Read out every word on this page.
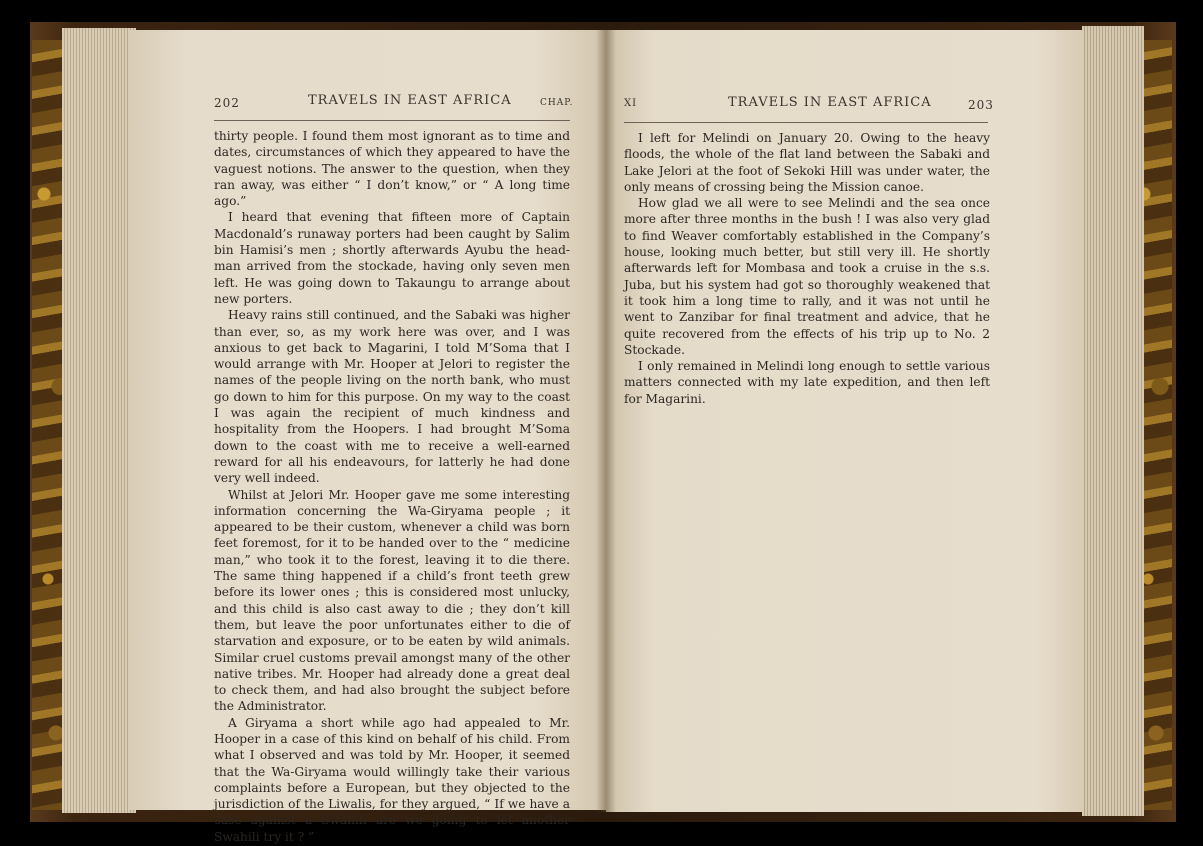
202	TRAVELS IN EAST AFRICA	CHAP.

thirty people. I found them most ignorant as to time and dates, circumstances of which they appeared to have the vaguest notions. The answer to the question, when they ran away, was either “ I don’t know,” or “ A long time ago.”

I heard that evening that fifteen more of Captain Macdonald’s runaway porters had been caught by Salim bin Hamisi’s men ; shortly afterwards Ayubu the head-man arrived from the stockade, having only seven men left. He was going down to Takaungu to arrange about new porters.

Heavy rains still continued, and the Sabaki was higher than ever, so, as my work here was over, and I was anxious to get back to Magarini, I told M’Soma that I would arrange with Mr. Hooper at Jelori to register the names of the people living on the north bank, who must go down to him for this purpose. On my way to the coast I was again the recipient of much kindness and hospitality from the Hoopers. I had brought M’Soma down to the coast with me to receive a well-earned reward for all his endeavours, for latterly he had done very well indeed.

Whilst at Jelori Mr. Hooper gave me some interesting information concerning the Wa-Giryama people ; it appeared to be their custom, whenever a child was born feet foremost, for it to be handed over to the “ medicine man,” who took it to the forest, leaving it to die there. The same thing happened if a child’s front teeth grew before its lower ones ; this is considered most unlucky, and this child is also cast away to die ; they don’t kill them, but leave the poor unfortunates either to die of starvation and exposure, or to be eaten by wild animals. Similar cruel customs prevail amongst many of the other native tribes. Mr. Hooper had already done a great deal to check them, and had also brought the subject before the Administrator.

A Giryama a short while ago had appealed to Mr. Hooper in a case of this kind on behalf of his child. From what I observed and was told by Mr. Hooper, it seemed that the Wa-Giryama would willingly take their various complaints before a European, but they objected to the jurisdiction of the Liwalis, for they argued, “ If we have a case against a Swahili are we going to let another Swahili try it ? ”

XI	TRAVELS IN EAST AFRICA	203

I left for Melindi on January 20. Owing to the heavy floods, the whole of the flat land between the Sabaki and Lake Jelori at the foot of Sekoki Hill was under water, the only means of crossing being the Mission canoe.

How glad we all were to see Melindi and the sea once more after three months in the bush ! I was also very glad to find Weaver comfortably established in the Company’s house, looking much better, but still very ill. He shortly afterwards left for Mombasa and took a cruise in the s.s. Juba, but his system had got so thoroughly weakened that it took him a long time to rally, and it was not until he went to Zanzibar for final treatment and advice, that he quite recovered from the effects of his trip up to No. 2 Stockade.

I only remained in Melindi long enough to settle various matters connected with my late expedition, and then left for Magarini.
